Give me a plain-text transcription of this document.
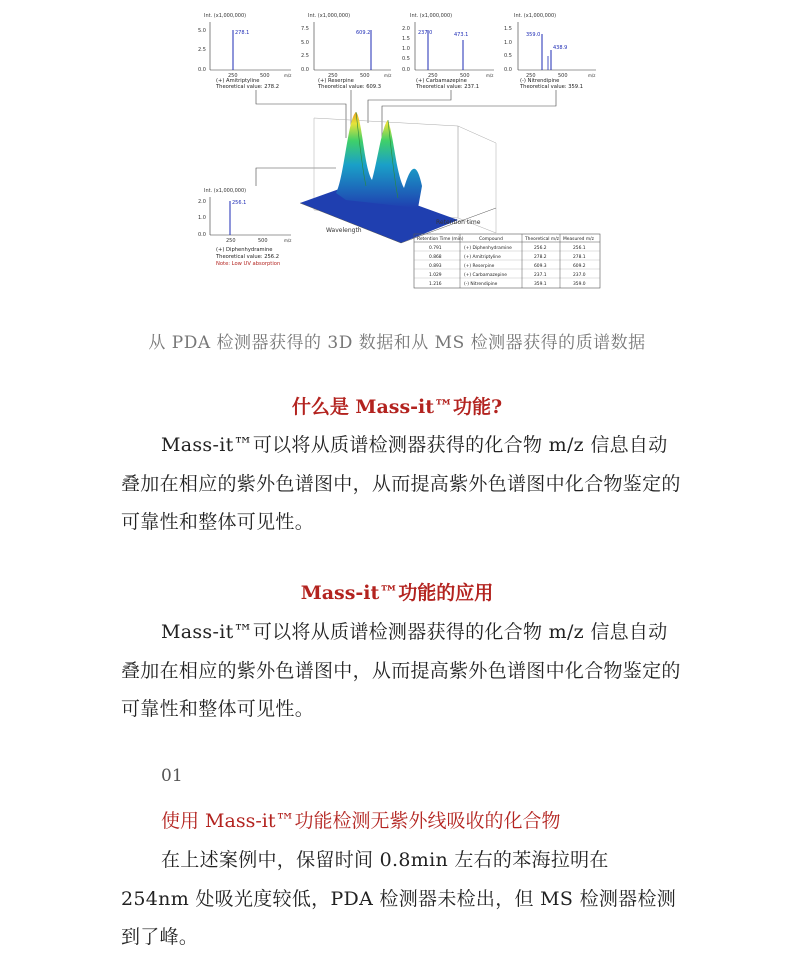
Int. (x1,000,000)
5.0
2.5
0.0
278.1
250	500	m/z
(+) Amitriptyline
Theoretical value: 278.2
Int. (x1,000,000)
7.5
5.0
2.5
0.0
609.2
250	500	m/z
(+) Reserpine
Theoretical value: 609.3
Int. (x1,000,000)
2.0
1.5
1.0
0.5
0.0
237.0	473.1
250	500	m/z
(+) Carbamazepine
Theoretical value: 237.1
Int. (x1,000,000)
1.5
1.0
0.5
0.0
359.0
438.9
250	500	m/z
(-) Nitrendipine
Theoretical value: 359.1
Wavelength
Retention time
Int. (x1,000,000)
2.0
1.0
0.0
256.1
250	500	m/z
(+) Diphenhydramine
Theoretical value: 256.2
Note: Low UV absorption
Retention Time (min)	Compound	Theoretical m/z Measured m/z
0.791	(+) Diphenhydramine	256.2	256.1
0.868	(+) Amitriptyline	278.2	278.1
0.893	(+) Reserpine	609.3	609.2
1.029	(+) Carbamazepine	237.1	237.0
1.216	(-) Nitrendipine	359.1	359.0
从 PDA 检测器获得的 3D 数据和从 MS 检测器获得的质谱数据
什么是 Mass-it™功能?
Mass-it™可以将从质谱检测器获得的化合物 m/z 信息自动叠加在相应的紫外色谱图中，从而提高紫外色谱图中化合物鉴定的可靠性和整体可见性。
Mass-it™功能的应用
Mass-it™可以将从质谱检测器获得的化合物 m/z 信息自动叠加在相应的紫外色谱图中，从而提高紫外色谱图中化合物鉴定的可靠性和整体可见性。
01
使用 Mass-it™功能检测无紫外线吸收的化合物
在上述案例中，保留时间 0.8min 左右的苯海拉明在 254nm 处吸光度较低，PDA 检测器未检出，但 MS 检测器检测到了峰。
